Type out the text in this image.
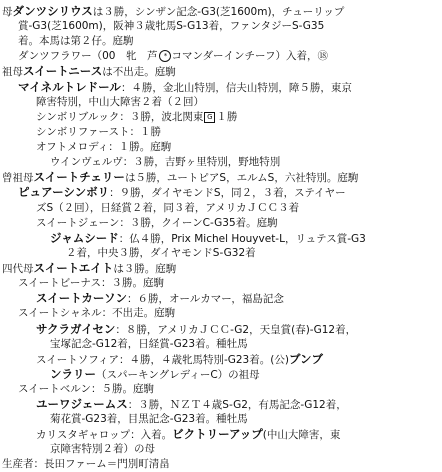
母ダンツシリウスは３勝，シンザン記念-G3(芝1600m)，チューリップ
賞-G3(芝1600m)，阪神３歳牝馬S-G13着，ファンタジーS-G35
着。本馬は第２仔。庭駒
ダンツフラワー（00　牝　芦 * コマンダーインチーフ）入着，⑱
祖母スイートニースは不出走。庭駒
マイネルトレドール：４勝，金北山特別，信夫山特別，障５勝，東京
障害特別，中山大障害２着（２回）
シンボリブルック：３勝，波北関東 G １勝
シンボリファースト：１勝
オフトメロディ：１勝。庭駒
ウインヴェルヴ：３勝，吉野ヶ里特別，野地特別
曾祖母スイートチェリーは５勝，ユートピアS，エルムS，六社特別。庭駒
ピュアーシンボリ：９勝，ダイヤモンドS，同２，３着，ステイヤー
ズS（２回），日経賞２着，同３着，アメリカＪＣＣ３着
スイートジェーン：３勝，クイーンC-G35着。庭駒
ジャムシード：仏４勝，Prix Michel Houyvet-L，リュテス賞-G3
２着，中央３勝，ダイヤモンドS-G32着
四代母スイートエイトは３勝。庭駒
スイートビーナス：３勝。庭駒
スイートカーソン：６勝，オールカマー，福島記念
スイートシャネル：不出走。庭駒
サクラガイセン：８勝，アメリカＪＣＣ-G2，天皇賞(春)-G12着，
宝塚記念-G12着，日経賞-G23着。種牡馬
スイートソフィア：４勝，４歳牝馬特別-G23着。(公)ブンブ
ンラリー（スパーキングレディーC）の祖母
スイートベルン：５勝。庭駒
ユーワジェームス：３勝，ＮＺＴ４歳S-G2，有馬記念-G12着，
菊花賞-G23着，目黒記念-G23着。種牡馬
カリスタギャロップ：入着。ビクトリーアップ(中山大障害，東
京障害特別２着）の母
生産者：長田ファーム＝門別町清畠
